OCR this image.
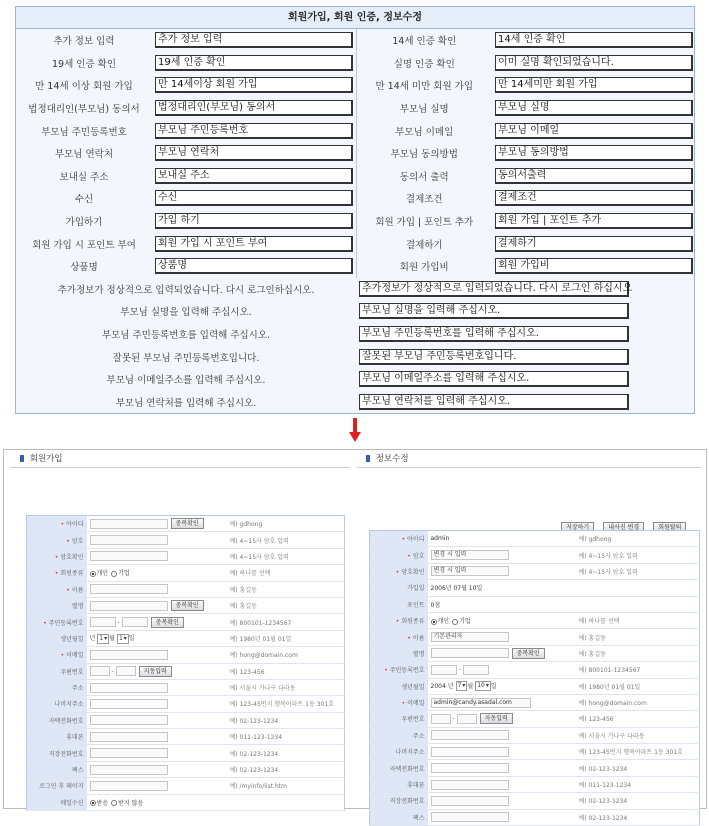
회원가입, 회원 인증, 정보수정
추가 정보 입력	추가 정보 입력	14세 인증 확인	14세 인증 확인

19세 인증 확인	19세 인증 확인	실명 인증 확인	이미 실명 확인되었습니다.

만 14세 이상 회원 가입	만 14세이상 회원 가입	만 14세 미만 회원 가입	만 14세미만 회원 가입

법정대리인(부모님) 동의서	법정대리인(부모님) 동의서	부모님 실명	부모님 실명

부모님 주민등록번호	부모님 주민등록번호	부모님 이메일	부모님 이메일

부모님 연락처	부모님 연락처	부모님 동의방법	부모님 동의방법

보내실 주소	보내실 주소	동의서 출력	동의서출력

수신	수신	결제조건	결제조건

가입하기	가입 하기	회원 가입 | 포인트 추가	회원 가입 | 포인트 추가

회원 가입 시 포인트 부여	회원 가입 시 포인트 부여	결제하기	결제하기

상품명	상품명	회원 가입비	회원 가입비
추가정보가 정상적으로 입력되었습니다. 다시 로그인하십시오.	추가정보가 정상적으로 입력되었습니다. 다시 로그인 하십시오

부모님 실명을 입력해 주십시오.	부모님 실명을 입력해 주십시오.

부모님 주민등록번호를 입력해 주십시오.	부모님 주민등록번호를 입력해 주십시오.

잘못된 부모님 주민등록번호입니다.	잘못된 부모님 주민등록번호입니다.

부모님 이메일주소를 입력해 주십시오.	부모님 이메일주소를 입력해 주십시오.

부모님 연락처를 입력해 주십시오.	부모님 연락처를 입력해 주십시오.
회원가입
• 아이디	중복확인	예) gdhong
• 암호		예) 4~15자 암호 입력
• 암호확인		예) 4~15자 암호 입력
• 회원종류	개인 기업	예) 하나를 선택
• 이름		예) 홍길동
별명	중복확인	예) 홍길동
• 주민등록번호	- 중복확인	예) 800101-1234567
생년월일	년 1 ▾ 월 1 ▾ 일	예) 1980년 01월 01일
• 이메일		예) hong@domain.com
우편번호	- 지동입력	예) 123-456
주소		예) 서울시 가나구 다라동
나머지주소		예) 123-45번지 행복아파트 1동 301호
자택전화번호		예) 02-123-1234
휴대폰		예) 011-123-1234
직장전화번호		예) 02-123-1234
팩스		예) 02-123-1234
로그인 후 페이지		예) /myinfo/list.htm
메일수신	받음 받지 않음	
정보수정
저장하기	내사진 변경	회원탈퇴
• 아이디	admin	예) gdhong
• 암호	변경 시 입력	예) 4~15자 암호 입력
• 암호확인	변경 시 입력	예) 4~15자 암호 입력
가입일	2006년 07월 10일	
포인트	0점	
• 회원종류	개인 기업	예) 하나를 선택
• 이름	기본관리자	예) 홍길동
별명	중복확인	예) 홍길동
• 주민등록번호	-	예) 800101-1234567
생년월일	2004 년 7 ▾ 월 10 ▾ 일	예) 1980년 01월 01일
• 이메일	admin@candy.asadal.com	예) hong@domain.com
우편번호	- 자동입력	예) 123-456
주소		예) 서울시 가나구 다라동
나머지주소		예) 123-45번지 행복아파트 1동 301호
자택전화번호		예) 02-123-1234
휴대폰		예) 011-123-1234
직장전화번호		예) 02-123-1234
팩스		예) 02-123-1234
